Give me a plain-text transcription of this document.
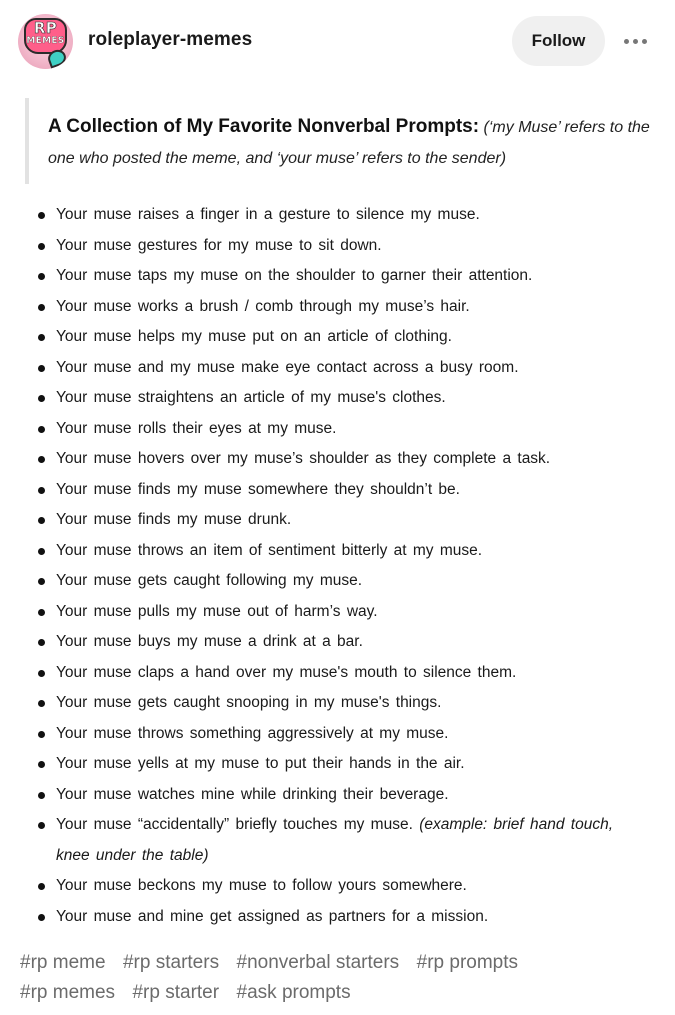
RP
MEMES roleplayer-memes	Follow
A Collection of My Favorite Nonverbal Prompts: (‘my Muse’ refers to the one who posted the meme, and ‘your muse’ refers to the sender)
Your muse raises a finger in a gesture to silence my muse.
Your muse gestures for my muse to sit down.
Your muse taps my muse on the shoulder to garner their attention.
Your muse works a brush / comb through my muse’s hair.
Your muse helps my muse put on an article of clothing.
Your muse and my muse make eye contact across a busy room.
Your muse straightens an article of my muse's clothes.
Your muse rolls their eyes at my muse.
Your muse hovers over my muse’s shoulder as they complete a task.
Your muse finds my muse somewhere they shouldn’t be.
Your muse finds my muse drunk.
Your muse throws an item of sentiment bitterly at my muse.
Your muse gets caught following my muse.
Your muse pulls my muse out of harm’s way.
Your muse buys my muse a drink at a bar.
Your muse claps a hand over my muse's mouth to silence them.
Your muse gets caught snooping in my muse's things.
Your muse throws something aggressively at my muse.
Your muse yells at my muse to put their hands in the air.
Your muse watches mine while drinking their beverage.
Your muse “accidentally” briefly touches my muse. (example: brief hand touch, knee under the table)
Your muse beckons my muse to follow yours somewhere.
Your muse and mine get assigned as partners for a mission.
#rp meme #rp starters #nonverbal starters #rp prompts
#rp memes #rp starter #ask prompts
